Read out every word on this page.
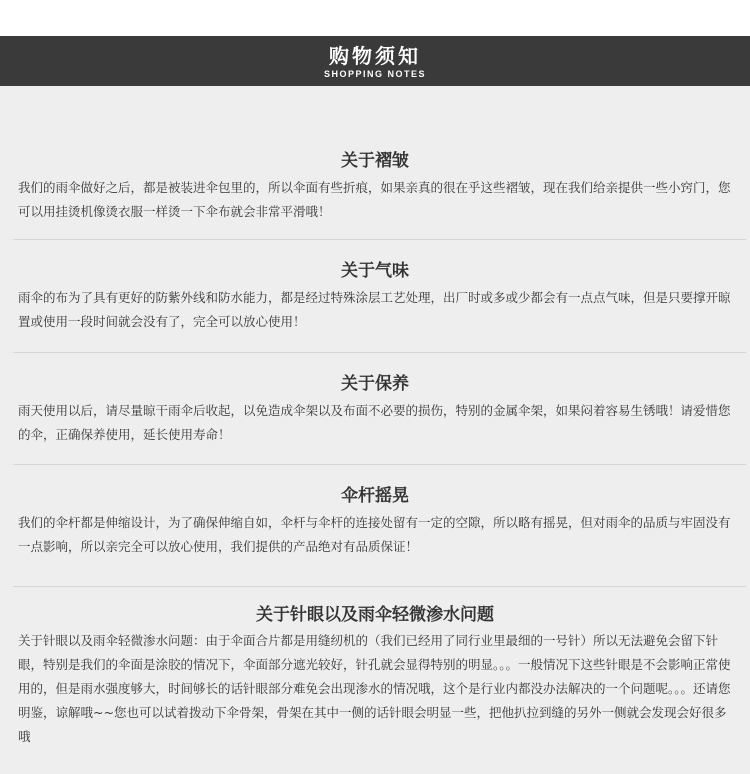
购物须知
SHOPPING NOTES
关于褶皱

我们的雨伞做好之后，都是被装进伞包里的，所以伞面有些折痕，如果亲真的很在乎这些褶皱，现在我们给亲提供一些小窍门，您可以用挂烫机像烫衣服一样烫一下伞布就会非常平滑哦！

关于气味

雨伞的布为了具有更好的防紫外线和防水能力，都是经过特殊涂层工艺处理，出厂时或多或少都会有一点点气味，但是只要撑开晾置或使用一段时间就会没有了，完全可以放心使用！

关于保养

雨天使用以后，请尽量晾干雨伞后收起，以免造成伞架以及布面不必要的损伤，特别的金属伞架，如果闷着容易生锈哦！请爱惜您的伞，正确保养使用，延长使用寿命！

伞杆摇晃

我们的伞杆都是伸缩设计，为了确保伸缩自如，伞杆与伞杆的连接处留有一定的空隙，所以略有摇晃，但对雨伞的品质与牢固没有一点影响，所以亲完全可以放心使用，我们提供的产品绝对有品质保证！

关于针眼以及雨伞轻微渗水问题

关于针眼以及雨伞轻微渗水问题：由于伞面合片都是用缝纫机的（我们已经用了同行业里最细的一号针）所以无法避免会留下针眼，特别是我们的伞面是涂胶的情况下，伞面部分遮光较好，针孔就会显得特别的明显。。。一般情况下这些针眼是不会影响正常使用的，但是雨水强度够大，时间够长的话针眼部分难免会出现渗水的情况哦，这个是行业内都没办法解决的一个问题呢。。。还请您明鉴，谅解哦~~您也可以试着拨动下伞骨架，骨架在其中一侧的话针眼会明显一些，把他扒拉到缝的另外一侧就会发现会好很多哦
